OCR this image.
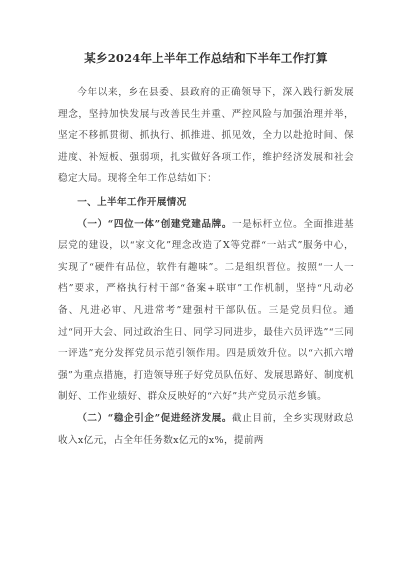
某乡2024年上半年工作总结和下半年工作打算

今年以来，乡在县委、县政府的正确领导下，深入践行新发展理念，坚持加快发展与改善民生并重、严控风险与加强治理并举，坚定不移抓贯彻、抓执行、抓推进、抓见效，全力以赴抢时间、保进度、补短板、强弱项，扎实做好各项工作，维护经济发展和社会稳定大局。现将全年工作总结如下：

一、上半年工作开展情况

（一）“四位一体”创建党建品牌。一是标杆立位。全面推进基层党的建设，以“家文化”理念改造了X等党群“一站式”服务中心，实现了“硬件有品位，软件有趣味”。二是组织晋位。按照“一人一档”要求，严格执行村干部“备案+联审”工作机制，坚持“凡动必备、凡进必审、凡进常考”建强村干部队伍。三是党员归位。通过“同开大会、同过政治生日、同学习同进步，最佳六员评选”“三同一评选”充分发挥党员示范引领作用。四是质效升位。以“六抓六增强”为重点措施，打造领导班子好党员队伍好、发展思路好、制度机制好、工作业绩好、群众反映好的“六好”共产党员示范乡镇。

（二）“稳企引企”促进经济发展。截止目前，全乡实现财政总收入x亿元，占全年任务数x亿元的x%，提前两
